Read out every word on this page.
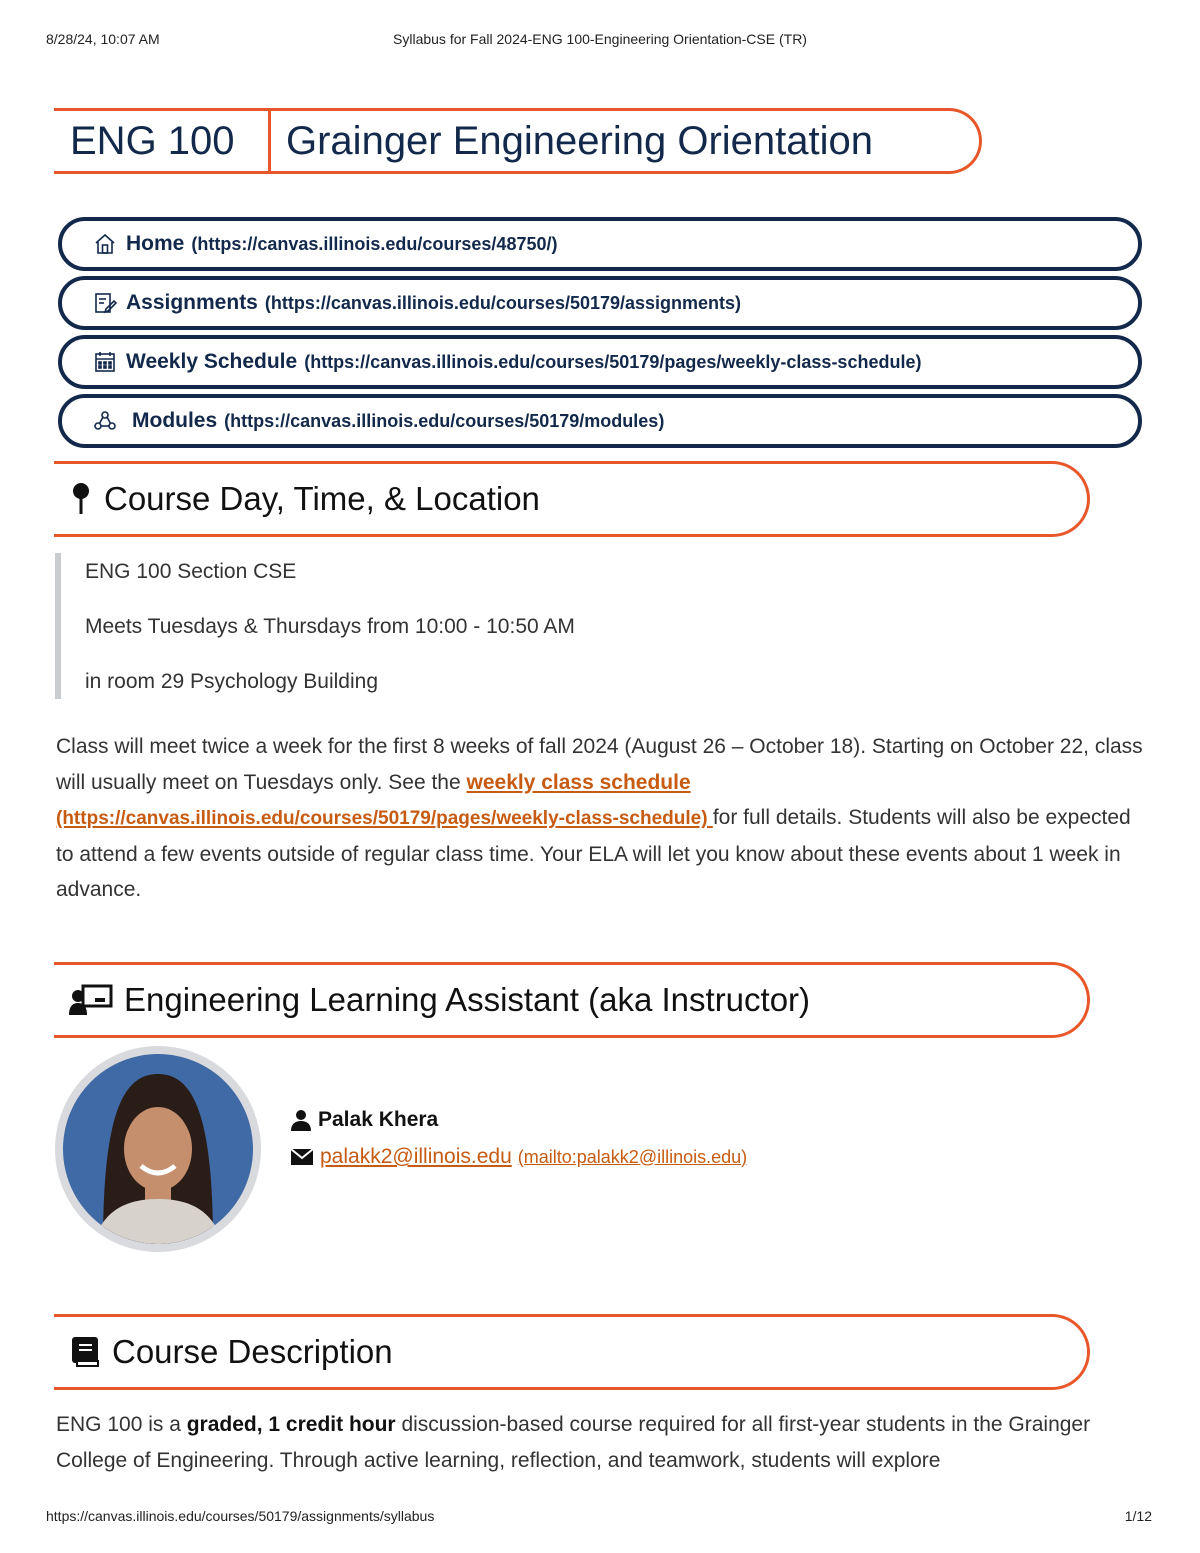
8/28/24, 10:07 AM	Syllabus for Fall 2024-ENG 100-Engineering Orientation-CSE (TR)
ENG 100 Grainger Engineering Orientation
Home (https://canvas.illinois.edu/courses/48750/)
Assignments (https://canvas.illinois.edu/courses/50179/assignments)
Weekly Schedule (https://canvas.illinois.edu/courses/50179/pages/weekly-class-schedule)
Modules (https://canvas.illinois.edu/courses/50179/modules)
Course Day, Time, & Location

ENG 100 Section CSE

Meets Tuesdays & Thursdays from 10:00 - 10:50 AM

in room 29 Psychology Building

Class will meet twice a week for the first 8 weeks of fall 2024 (August 26 – October 18). Starting on October 22, class will usually meet on Tuesdays only. See the weekly class schedule
(https://canvas.illinois.edu/courses/50179/pages/weekly-class-schedule) for full details. Students will also be expected to attend a few events outside of regular class time. Your ELA will let you know about these events about 1 week in advance.
Engineering Learning Assistant (aka Instructor)
Palak Khera
palakk2@illinois.edu (mailto:palakk2@illinois.edu)
Course Description
ENG 100 is a graded, 1 credit hour discussion-based course required for all first-year students in the Grainger College of Engineering. Through active learning, reflection, and teamwork, students will explore
https://canvas.illinois.edu/courses/50179/assignments/syllabus	1/12
